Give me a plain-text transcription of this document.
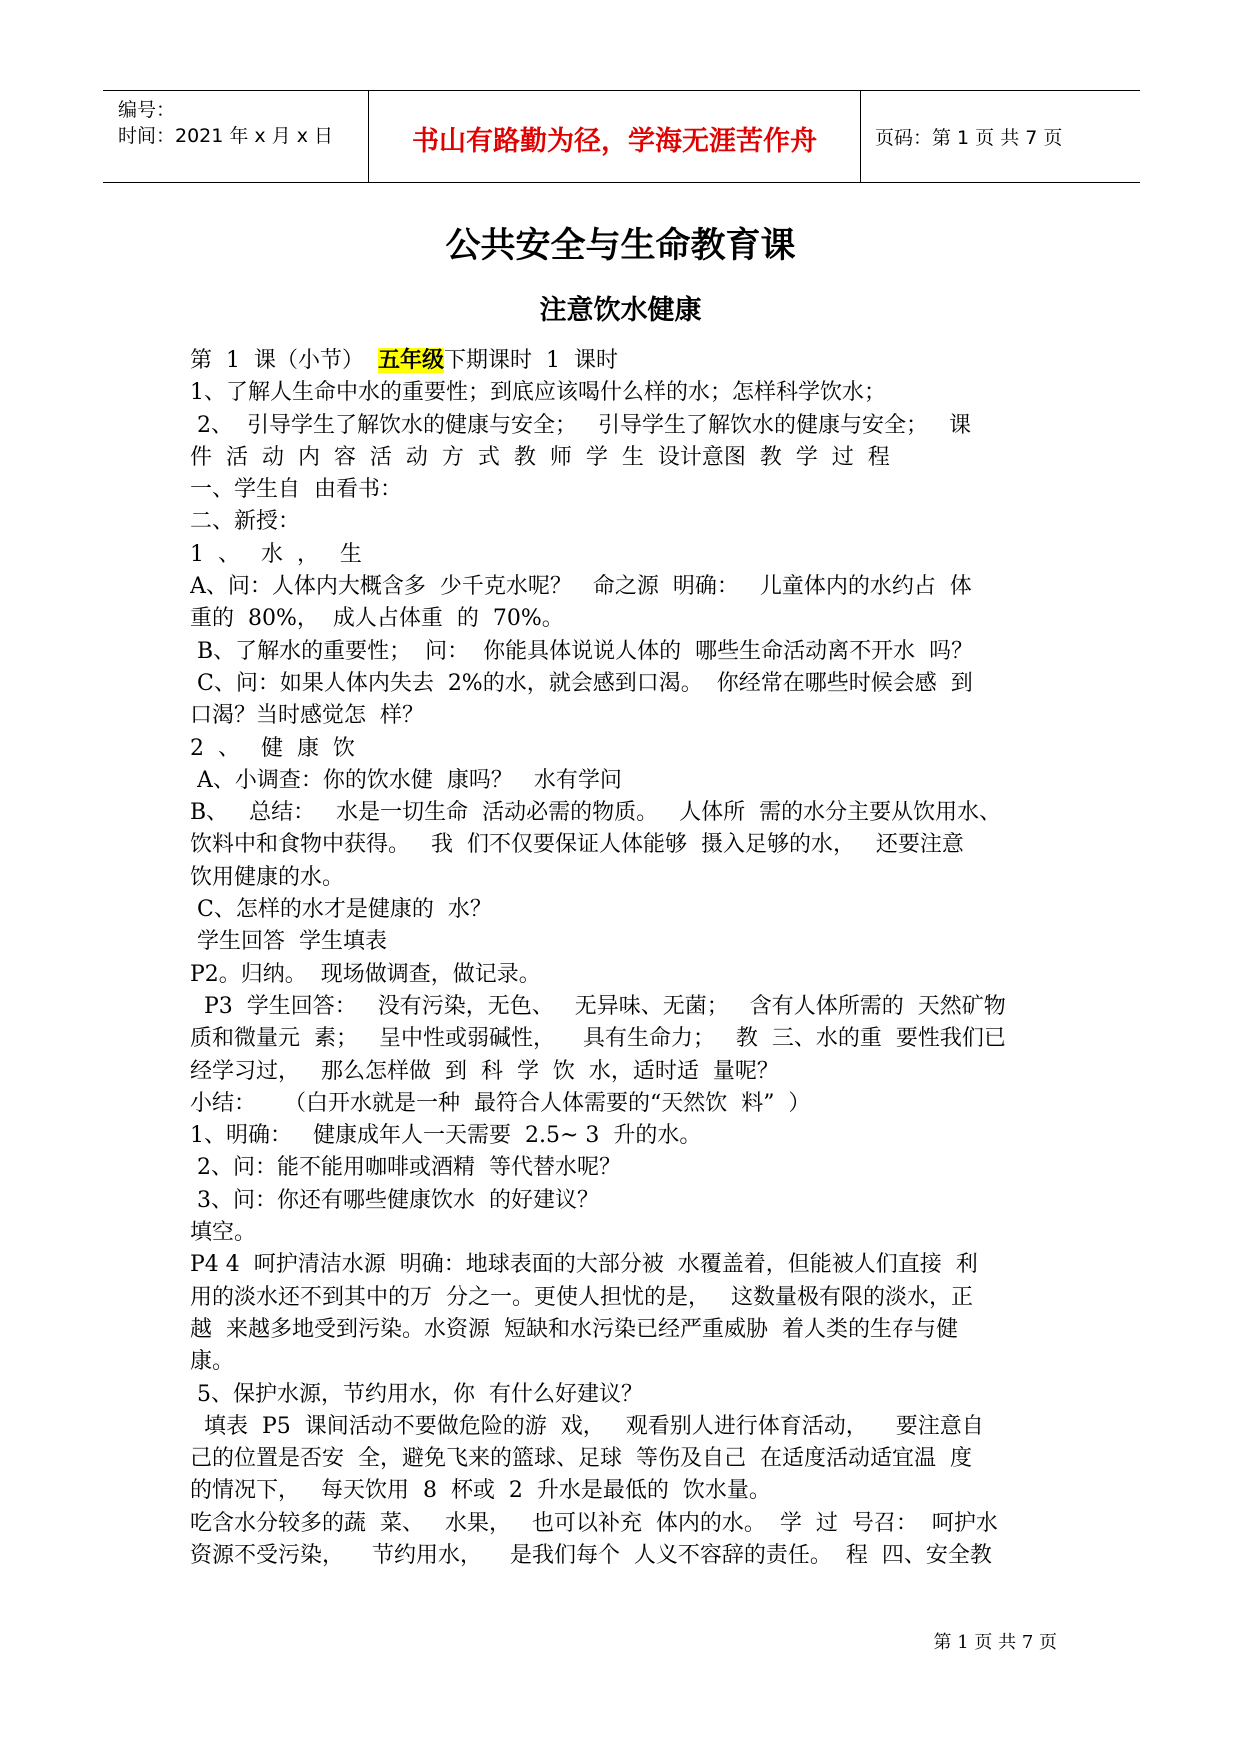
编号：
时间：2021 年 x 月 x 日	书山有路勤为径，学海无涯苦作舟	页码：第 1 页 共 7 页
公共安全与生命教育课
注意饮水健康
第  1  课（小节）  五年级下期课时  1  课时
1、了解人生命中水的重要性；到底应该喝什么样的水；怎样科学饮水；
2、  引导学生了解饮水的健康与安全；   引导学生了解饮水的健康与安全；   课
件  活  动  内  容  活  动  方  式  教  师  学  生  设计意图  教  学  过  程
一、学生自  由看书：
二、新授：
1  、   水  ，   生
A、问：人体内大概含多  少千克水呢？   命之源  明确：   儿童体内的水约占  体
重的  80%，  成人占体重  的  70%。
B、了解水的重要性；  问：  你能具体说说人体的  哪些生命活动离不开水  吗？
C、问：如果人体内失去  2%的水，就会感到口渴。  你经常在哪些时候会感  到
口渴？当时感觉怎  样？
2  、   健  康  饮
A、小调查：你的饮水健  康吗？   水有学问
B、   总结：   水是一切生命  活动必需的物质。   人体所  需的水分主要从饮用水、
饮料中和食物中获得。   我  们不仅要保证人体能够  摄入足够的水，   还要注意
饮用健康的水。
C、怎样的水才是健康的  水？
学生回答  学生填表
P2。归纳。  现场做调查，做记录。
P3  学生回答：   没有污染，无色、   无异味、无菌；   含有人体所需的  天然矿物
质和微量元  素；   呈中性或弱碱性，    具有生命力；   教  三、水的重  要性我们已
经学习过，   那么怎样做  到  科  学  饮  水，适时适  量呢？
小结：    （白开水就是一种  最符合人体需要的“天然饮  料”  ）
1、明确：   健康成年人一天需要  2.5~ 3  升的水。
2、问：能不能用咖啡或酒精  等代替水呢？
3、问：你还有哪些健康饮水  的好建议？
填空。
P4 4  呵护清洁水源  明确：地球表面的大部分被  水覆盖着，但能被人们直接  利
用的淡水还不到其中的万  分之一。更使人担忧的是，   这数量极有限的淡水，正
越  来越多地受到污染。水资源  短缺和水污染已经严重威胁  着人类的生存与健
康。
5、保护水源，节约用水，你  有什么好建议？
填表  P5  课间活动不要做危险的游  戏，   观看别人进行体育活动，    要注意自
己的位置是否安  全，避免飞来的篮球、足球  等伤及自己  在适度活动适宜温  度
的情况下，   每天饮用  8  杯或  2  升水是最低的  饮水量。
吃含水分较多的蔬  菜、   水果，   也可以补充  体内的水。  学  过  号召：  呵护水
资源不受污染，    节约用水，    是我们每个  人义不容辞的责任。  程  四、安全教
第 1 页 共 7 页
